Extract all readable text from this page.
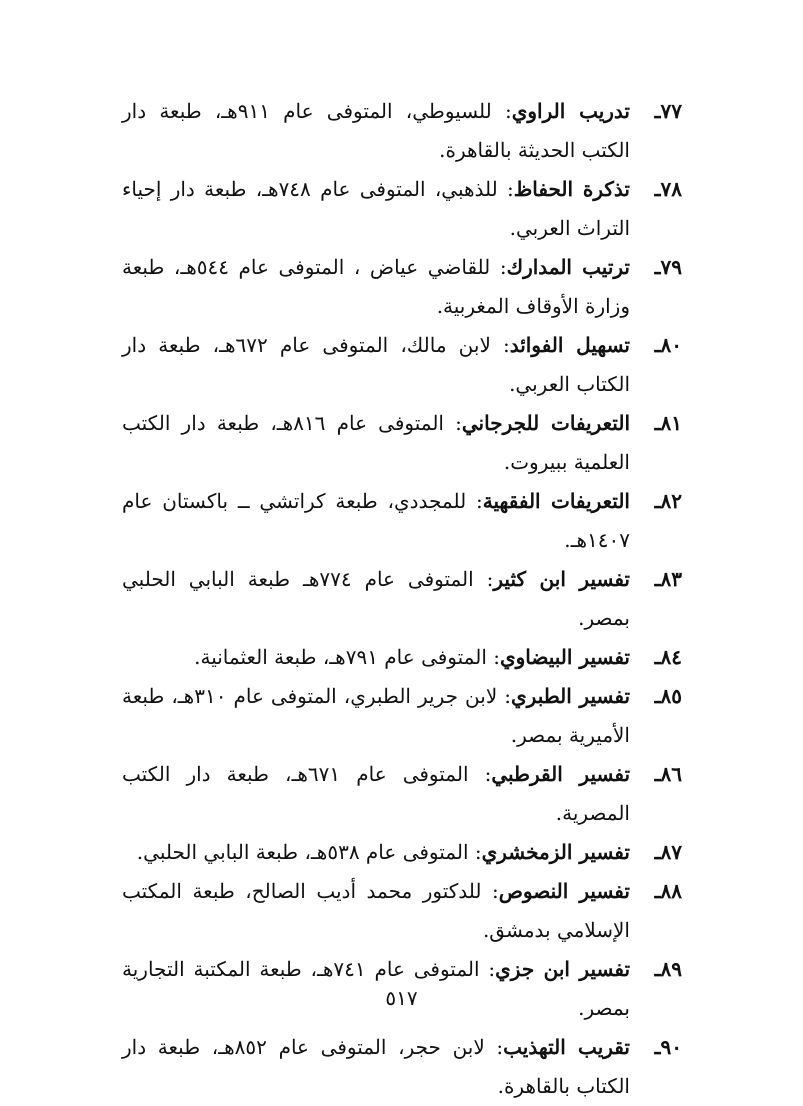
٧٧ـ
تدريب الراوي: للسيوطي، المتوفى عام ٩١١هـ، طبعة دار الكتب الحديثة بالقاهرة.
٧٨ـ
تذكرة الحفاظ: للذهبي، المتوفى عام ٧٤٨هـ، طبعة دار إحياء التراث العربي.
٧٩ـ
ترتيب المدارك: للقاضي عياض ، المتوفى عام ٥٤٤هـ، طبعة وزارة الأوقاف المغربية.
٨٠ـ
تسهيل الفوائد: لابن مالك، المتوفى عام ٦٧٢هـ، طبعة دار الكتاب العربي.
٨١ـ
التعريفات للجرجاني: المتوفى عام ٨١٦هـ، طبعة دار الكتب العلمية ببيروت.
٨٢ـ
التعريفات الفقهية: للمجددي، طبعة كراتشي ــ باكستان عام ١٤٠٧هـ.
٨٣ـ
تفسير ابن كثير: المتوفى عام ٧٧٤هـ طبعة البابي الحلبي بمصر.
٨٤ـ
تفسير البيضاوي: المتوفى عام ٧٩١هـ، طبعة العثمانية.
٨٥ـ
تفسير الطبري: لابن جرير الطبري، المتوفى عام ٣١٠هـ، طبعة الأميرية بمصر.
٨٦ـ
تفسير القرطبي: المتوفى عام ٦٧١هـ، طبعة دار الكتب المصرية.
٨٧ـ
تفسير الزمخشري: المتوفى عام ٥٣٨هـ، طبعة البابي الحلبي.
٨٨ـ
تفسير النصوص: للدكتور محمد أديب الصالح، طبعة المكتب الإسلامي بدمشق.
٨٩ـ
تفسير ابن جزي: المتوفى عام ٧٤١هـ، طبعة المكتبة التجارية بمصر.
٩٠ـ
تقريب التهذيب: لابن حجر، المتوفى عام ٨٥٢هـ، طبعة دار الكتاب بالقاهرة.
٥١٧
